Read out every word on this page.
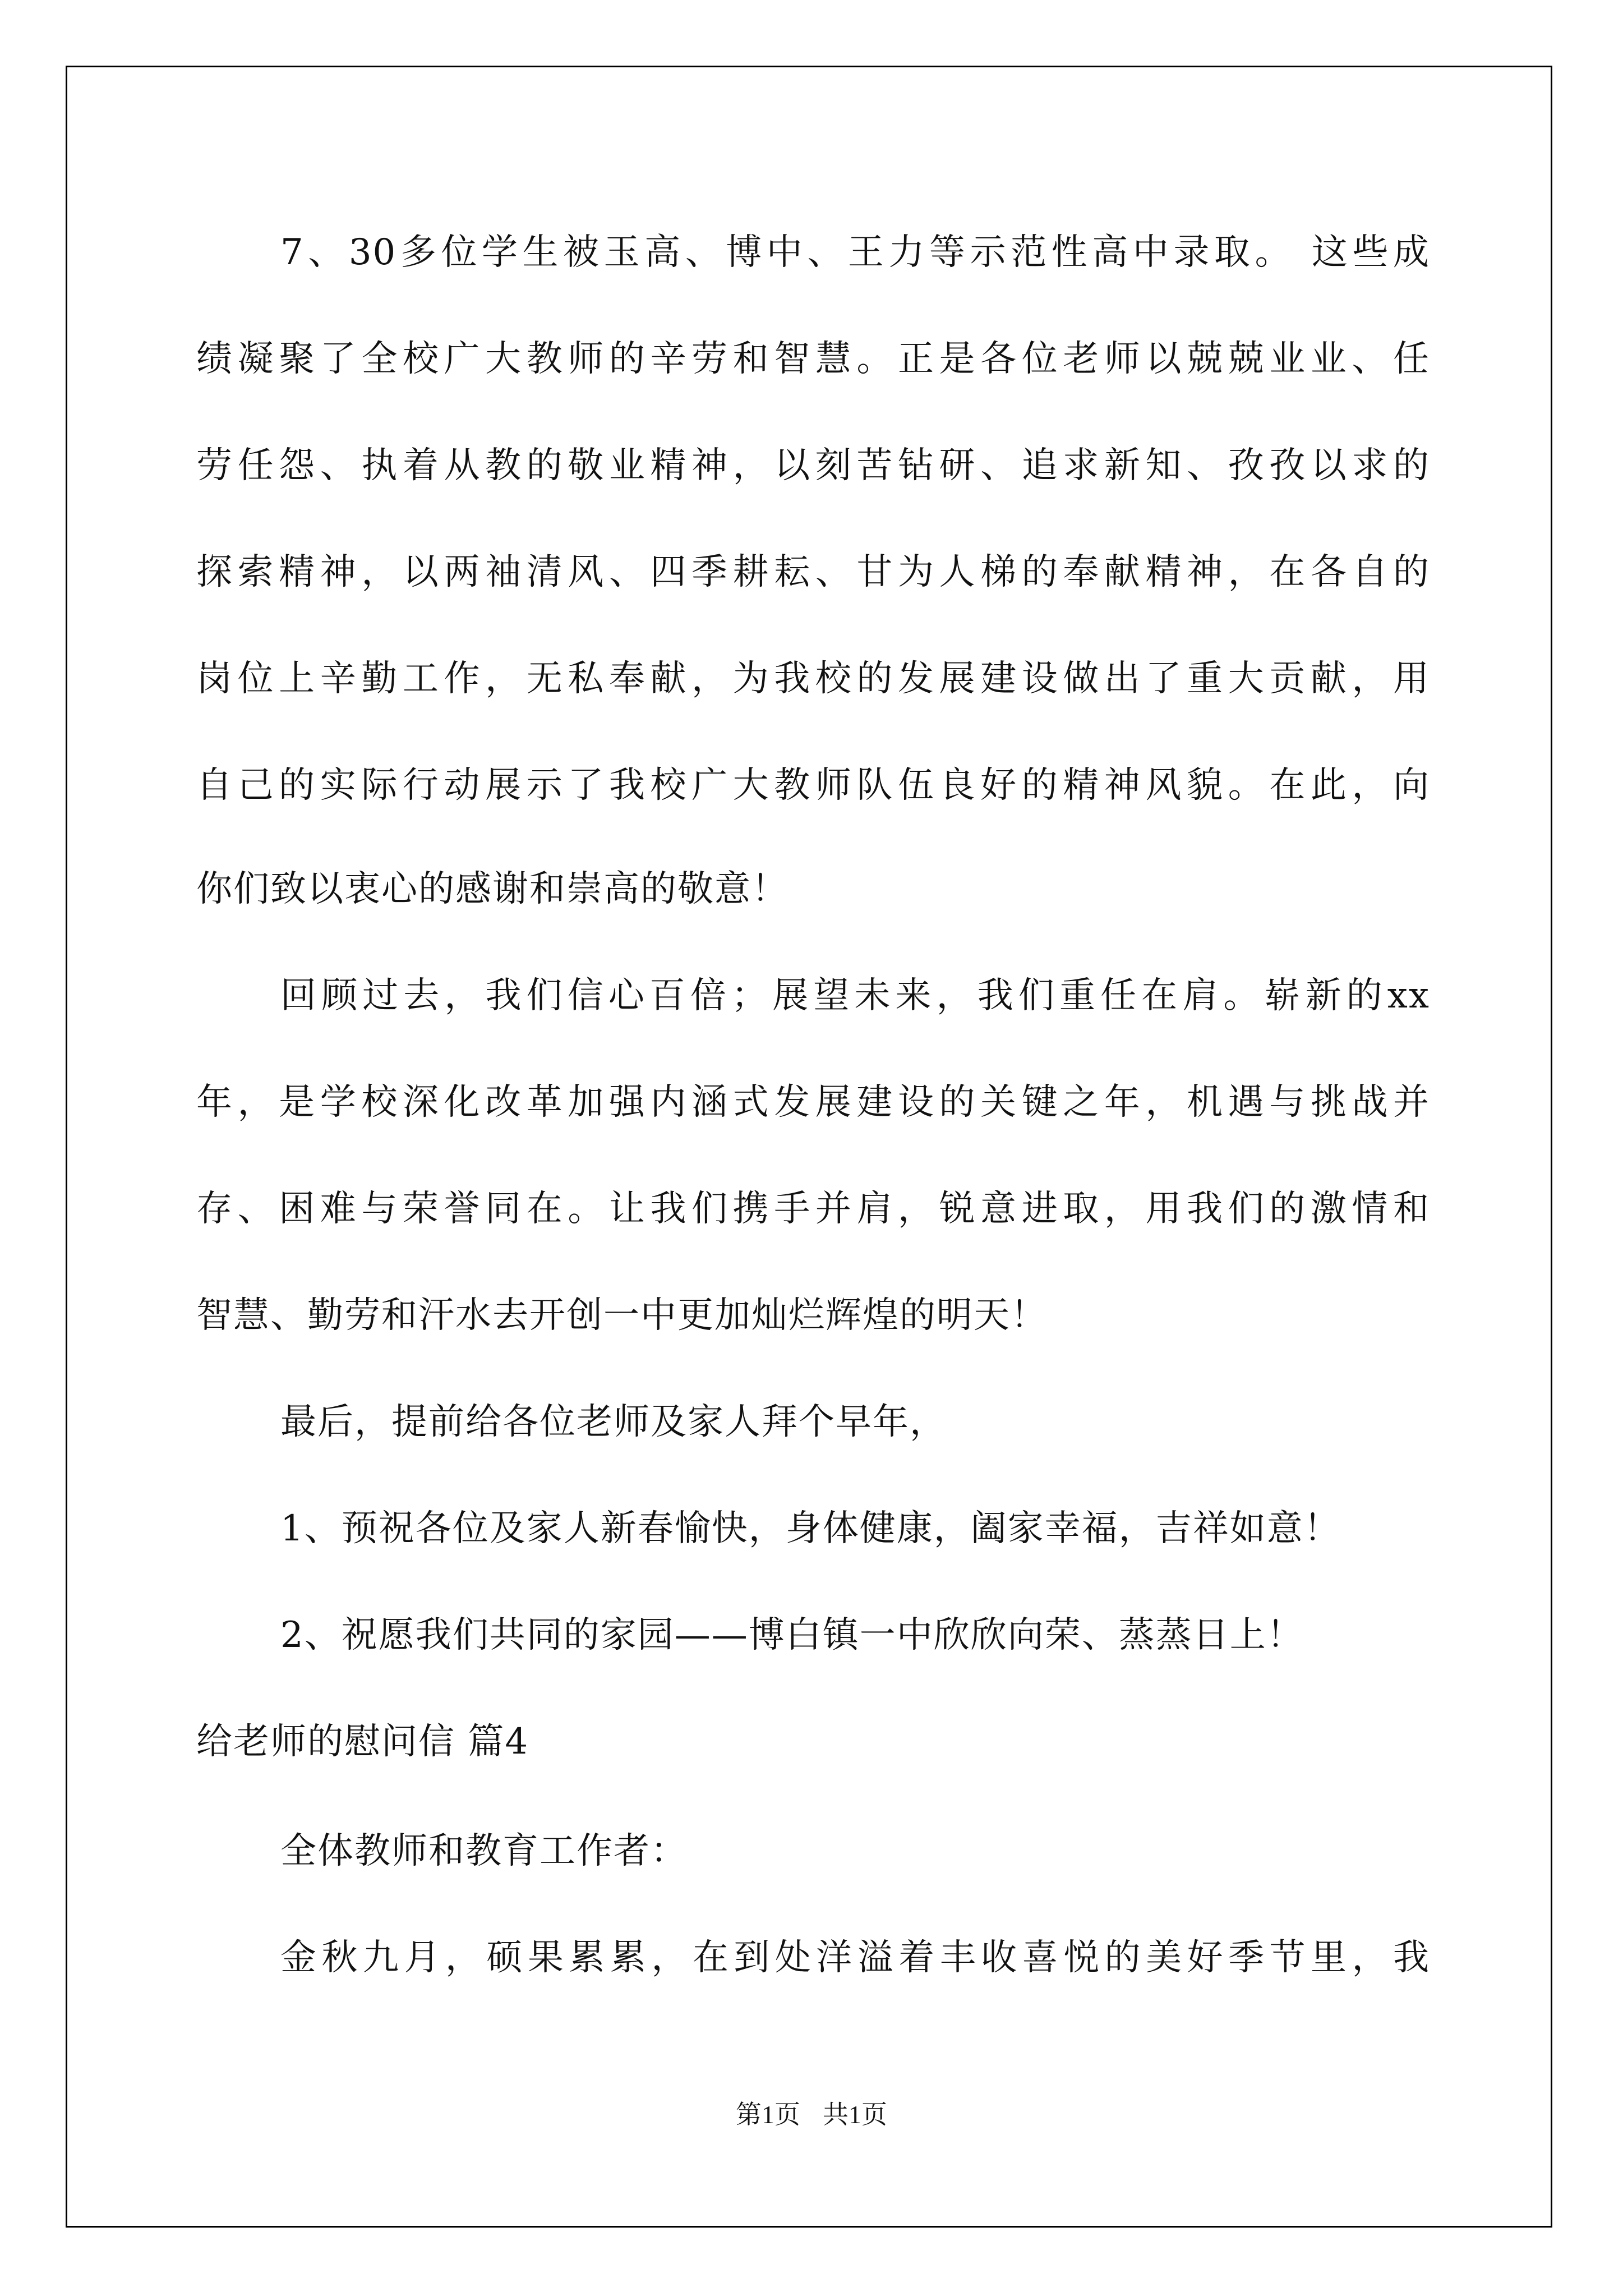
7、30多位学生被玉高、博中、王力等示范性高中录取。 这些成
绩凝聚了全校广大教师的辛劳和智慧。正是各位老师以兢兢业业、任
劳任怨、执着从教的敬业精神，以刻苦钻研、追求新知、孜孜以求的
探索精神，以两袖清风、四季耕耘、甘为人梯的奉献精神，在各自的
岗位上辛勤工作，无私奉献，为我校的发展建设做出了重大贡献，用
自己的实际行动展示了我校广大教师队伍良好的精神风貌。在此，向
你们致以衷心的感谢和崇高的敬意！
回顾过去，我们信心百倍；展望未来，我们重任在肩。崭新的xx
年，是学校深化改革加强内涵式发展建设的关键之年，机遇与挑战并
存、困难与荣誉同在。让我们携手并肩，锐意进取，用我们的激情和
智慧、勤劳和汗水去开创一中更加灿烂辉煌的明天！
最后，提前给各位老师及家人拜个早年，
1、预祝各位及家人新春愉快，身体健康，阖家幸福，吉祥如意！
2、祝愿我们共同的家园——博白镇一中欣欣向荣、蒸蒸日上！
给老师的慰问信 篇4
全体教师和教育工作者：
金秋九月，硕果累累，在到处洋溢着丰收喜悦的美好季节里，我
第1页 共1页
